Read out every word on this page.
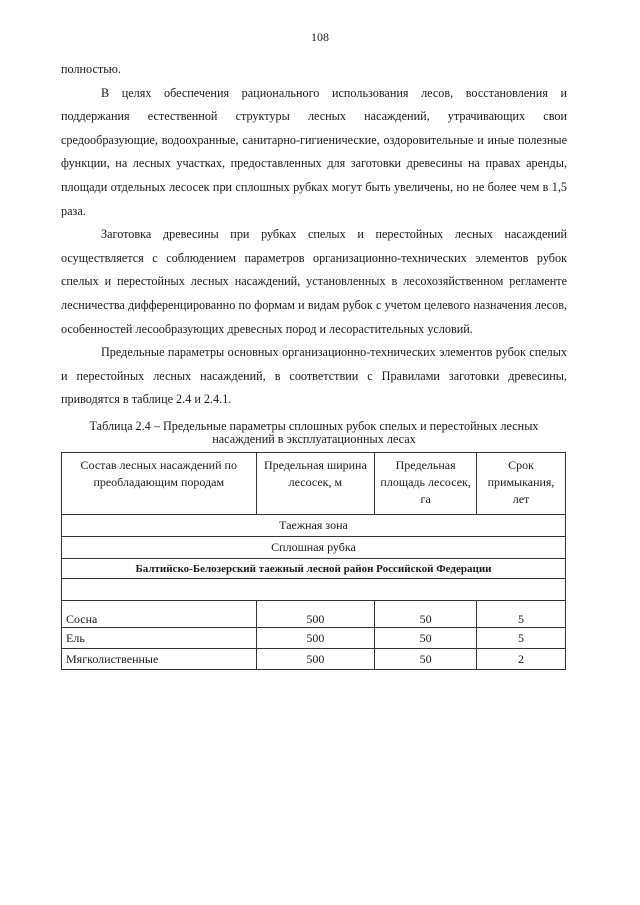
108

полностью.

В целях обеспечения рационального использования лесов, восстановления и поддержания естественной структуры лесных насаждений, утрачивающих свои средообразующие, водоохранные, санитарно-гигиенические, оздоровительные и иные полезные функции, на лесных участках, предоставленных для заготовки древесины на правах аренды, площади отдельных лесосек при сплошных рубках могут быть увеличены, но не более чем в 1,5 раза.

Заготовка древесины при рубках спелых и перестойных лесных насаждений осуществляется с соблюдением параметров организационно-технических элементов рубок спелых и перестойных лесных насаждений, установленных в лесохозяйственном регламенте лесничества дифференцированно по формам и видам рубок с учетом целевого назначения лесов, особенностей лесообразующих древесных пород и лесорастительных условий.

Предельные параметры основных организационно-технических элементов рубок спелых и перестойных лесных насаждений, в соответствии с Правилами заготовки древесины, приводятся в таблице 2.4 и 2.4.1.

Таблица 2.4 – Предельные параметры сплошных рубок спелых и перестойных лесных насаждений в эксплуатационных лесах
Состав лесных насаждений по преобладающим породам	Предельная ширина лесосек, м	Предельная площадь лесосек, га	Срок примыкания, лет
Таежная зона			
Сплошная рубка			
Балтийско-Белозерский таежный лесной район Российской Федерации			

Сосна	500	50	5
Ель	500	50	5
Мягколиственные	500	50	2
